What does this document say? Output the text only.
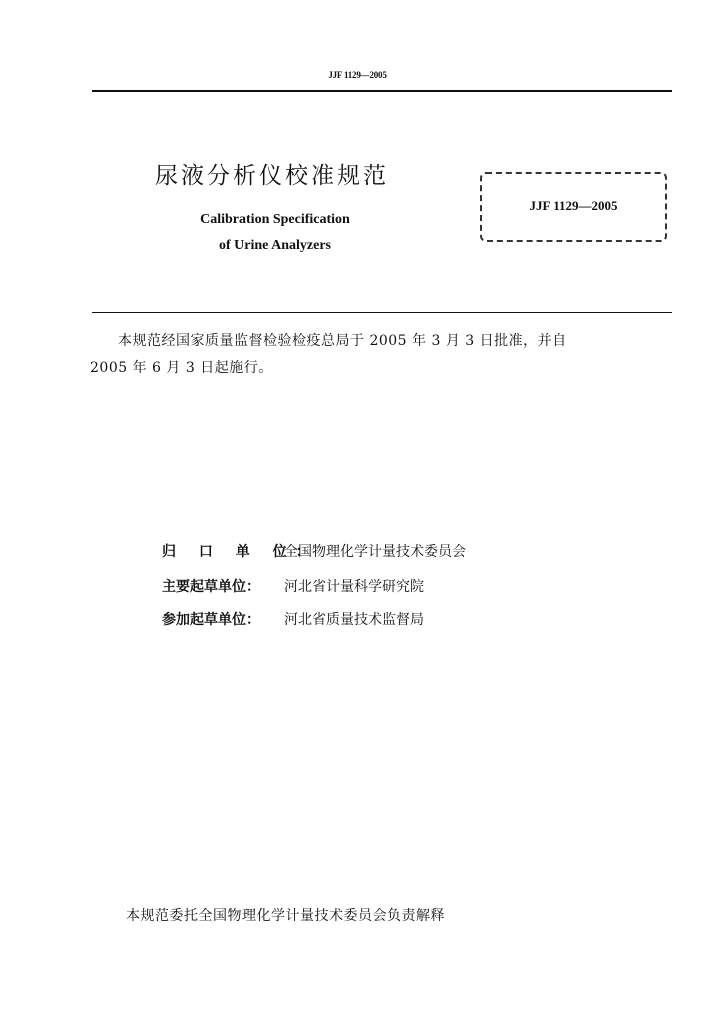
JJF 1129—2005
尿液分析仪校准规范
Calibration Specification
of Urine Analyzers
JJF 1129—2005
本规范经国家质量监督检验检疫总局于 2005 年 3 月 3 日批准，并自
2005 年 6 月 3 日起施行。
归 口 单 位：全国物理化学计量技术委员会
主要起草单位： 河北省计量科学研究院
参加起草单位： 河北省质量技术监督局
本规范委托全国物理化学计量技术委员会负责解释
